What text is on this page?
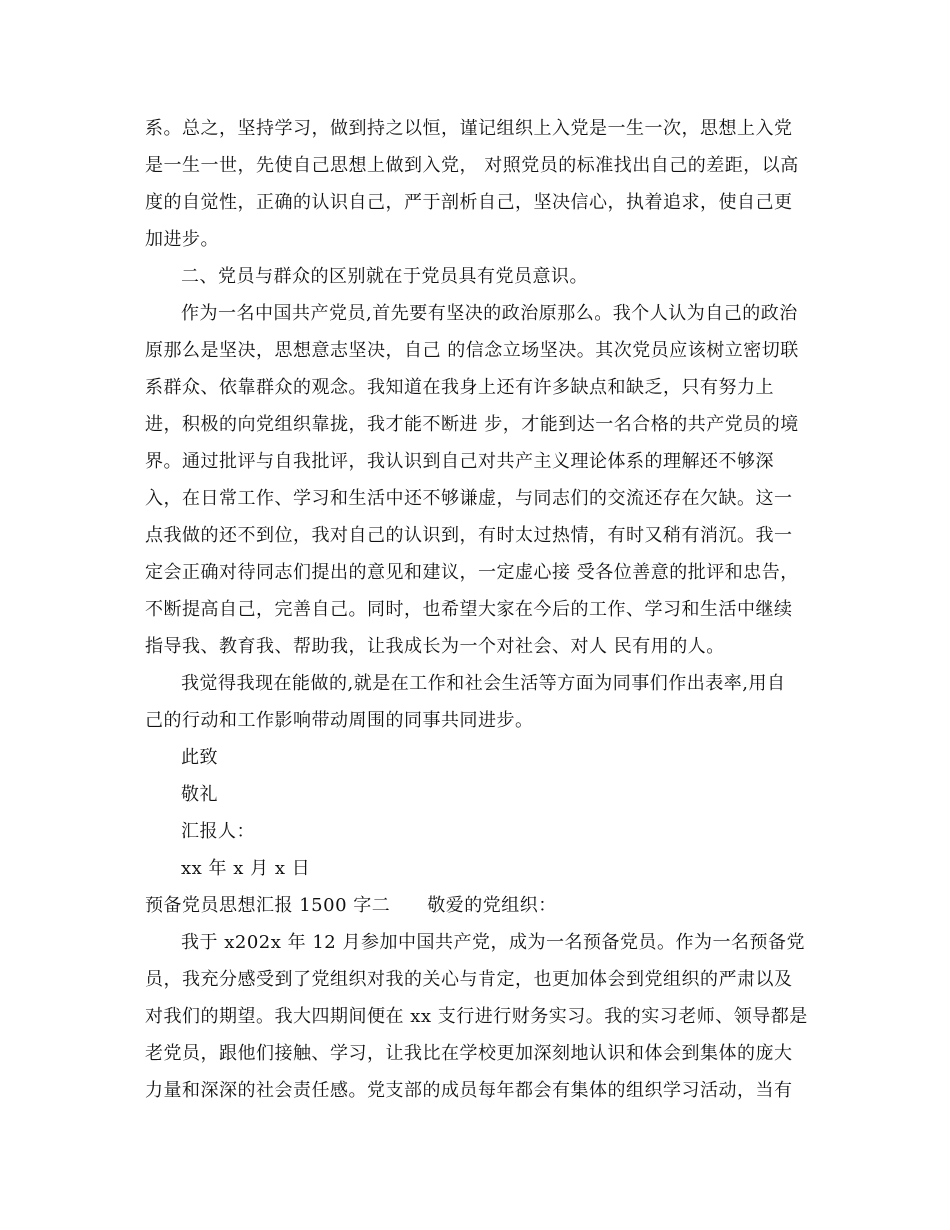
系。总之，坚持学习，做到持之以恒，谨记组织上入党是一生一次，思想上入党
是一生一世，先使自己思想上做到入党， 对照党员的标准找出自己的差距，以高
度的自觉性，正确的认识自己，严于剖析自己，坚决信心，执着追求，使自己更
加进步。
二、党员与群众的区别就在于党员具有党员意识。
作为一名中国共产党员,首先要有坚决的政治原那么。我个人认为自己的政治
原那么是坚决，思想意志坚决，自己 的信念立场坚决。其次党员应该树立密切联
系群众、依靠群众的观念。我知道在我身上还有许多缺点和缺乏，只有努力上
进，积极的向党组织靠拢，我才能不断进 步，才能到达一名合格的共产党员的境
界。通过批评与自我批评，我认识到自己对共产主义理论体系的理解还不够深
入，在日常工作、学习和生活中还不够谦虚，与同志们的交流还存在欠缺。这一
点我做的还不到位，我对自己的认识到，有时太过热情，有时又稍有消沉。我一
定会正确对待同志们提出的意见和建议，一定虚心接 受各位善意的批评和忠告，
不断提高自己，完善自己。同时，也希望大家在今后的工作、学习和生活中继续
指导我、教育我、帮助我，让我成长为一个对社会、对人 民有用的人。
我觉得我现在能做的,就是在工作和社会生活等方面为同事们作出表率,用自
己的行动和工作影响带动周围的同事共同进步。
此致
敬礼
汇报人：
xx 年 x 月 x 日
预备党员思想汇报 1500 字二　　敬爱的党组织：
我于 x202x 年 12 月参加中国共产党，成为一名预备党员。作为一名预备党
员，我充分感受到了党组织对我的关心与肯定，也更加体会到党组织的严肃以及
对我们的期望。我大四期间便在 xx 支行进行财务实习。我的实习老师、领导都是
老党员，跟他们接触、学习，让我比在学校更加深刻地认识和体会到集体的庞大
力量和深深的社会责任感。党支部的成员每年都会有集体的组织学习活动，当有
